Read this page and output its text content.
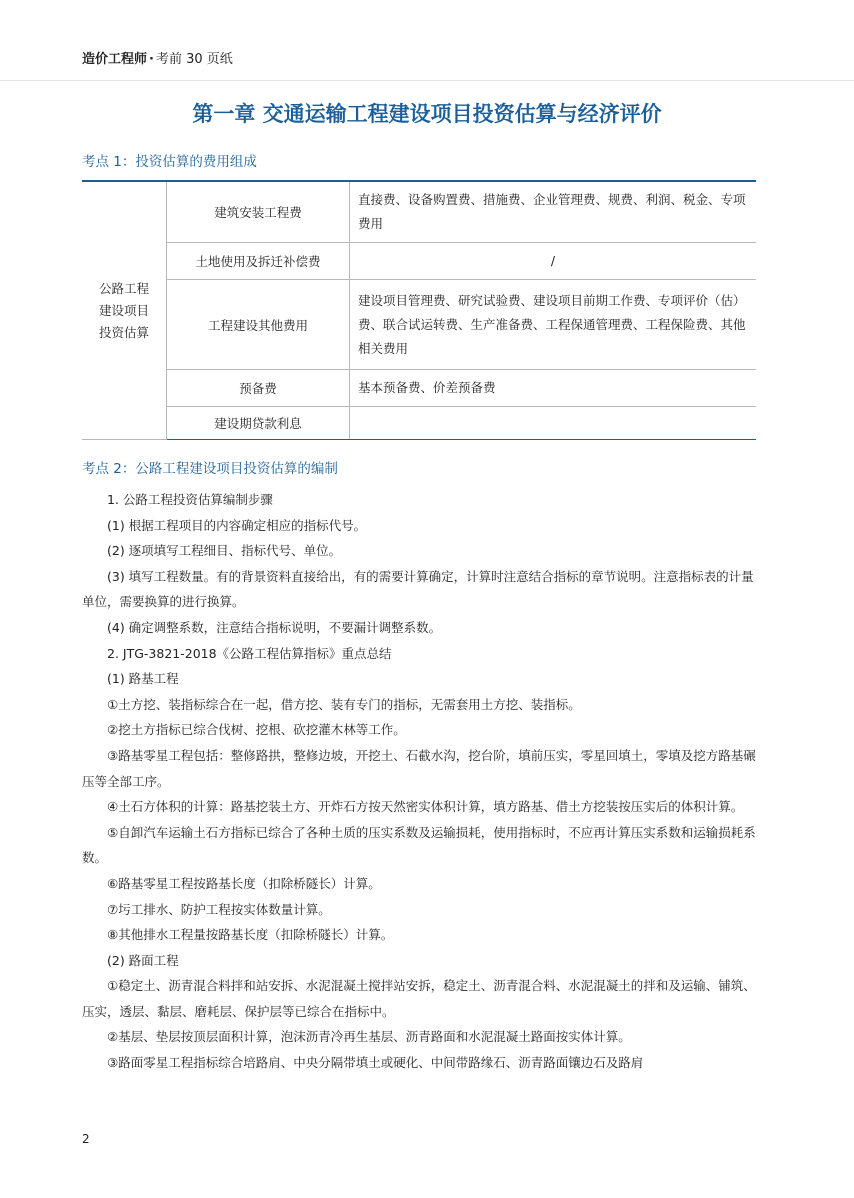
造价工程师 · 考前 30 页纸
第一章 交通运输工程建设项目投资估算与经济评价
考点 1：投资估算的费用组成
公路工程
建设项目
投资估算	建筑安装工程费	直接费、设备购置费、措施费、企业管理费、规费、利润、税金、专项费用
	土地使用及拆迁补偿费	/
	工程建设其他费用	建设项目管理费、研究试验费、建设项目前期工作费、专项评价（估）费、联合试运转费、生产准备费、工程保通管理费、工程保险费、其他相关费用
	预备费	基本预备费、价差预备费
	建设期贷款利息	
考点 2：公路工程建设项目投资估算的编制

1. 公路工程投资估算编制步骤

(1) 根据工程项目的内容确定相应的指标代号。

(2) 逐项填写工程细目、指标代号、单位。

(3) 填写工程数量。有的背景资料直接给出，有的需要计算确定，计算时注意结合指标的章节说明。注意指标表的计量单位，需要换算的进行换算。

(4) 确定调整系数，注意结合指标说明，不要漏计调整系数。

2. JTG-3821-2018《公路工程估算指标》重点总结

(1) 路基工程

①土方挖、装指标综合在一起，借方挖、装有专门的指标，无需套用土方挖、装指标。

②挖土方指标已综合伐树、挖根、砍挖灌木林等工作。

③路基零星工程包括：整修路拱，整修边坡，开挖土、石截水沟，挖台阶，填前压实，零星回填土，零填及挖方路基碾压等全部工序。

④土石方体积的计算：路基挖装土方、开炸石方按天然密实体积计算，填方路基、借土方挖装按压实后的体积计算。

⑤自卸汽车运输土石方指标已综合了各种土质的压实系数及运输损耗，使用指标时，不应再计算压实系数和运输损耗系数。

⑥路基零星工程按路基长度（扣除桥隧长）计算。

⑦圬工排水、防护工程按实体数量计算。

⑧其他排水工程量按路基长度（扣除桥隧长）计算。

(2) 路面工程

①稳定土、沥青混合料拌和站安拆、水泥混凝土搅拌站安拆，稳定土、沥青混合料、水泥混凝土的拌和及运输、铺筑、压实，透层、黏层、磨耗层、保护层等已综合在指标中。

②基层、垫层按顶层面积计算，泡沫沥青冷再生基层、沥青路面和水泥混凝土路面按实体计算。

③路面零星工程指标综合培路肩、中央分隔带填土或硬化、中间带路缘石、沥青路面镶边石及路肩

2
